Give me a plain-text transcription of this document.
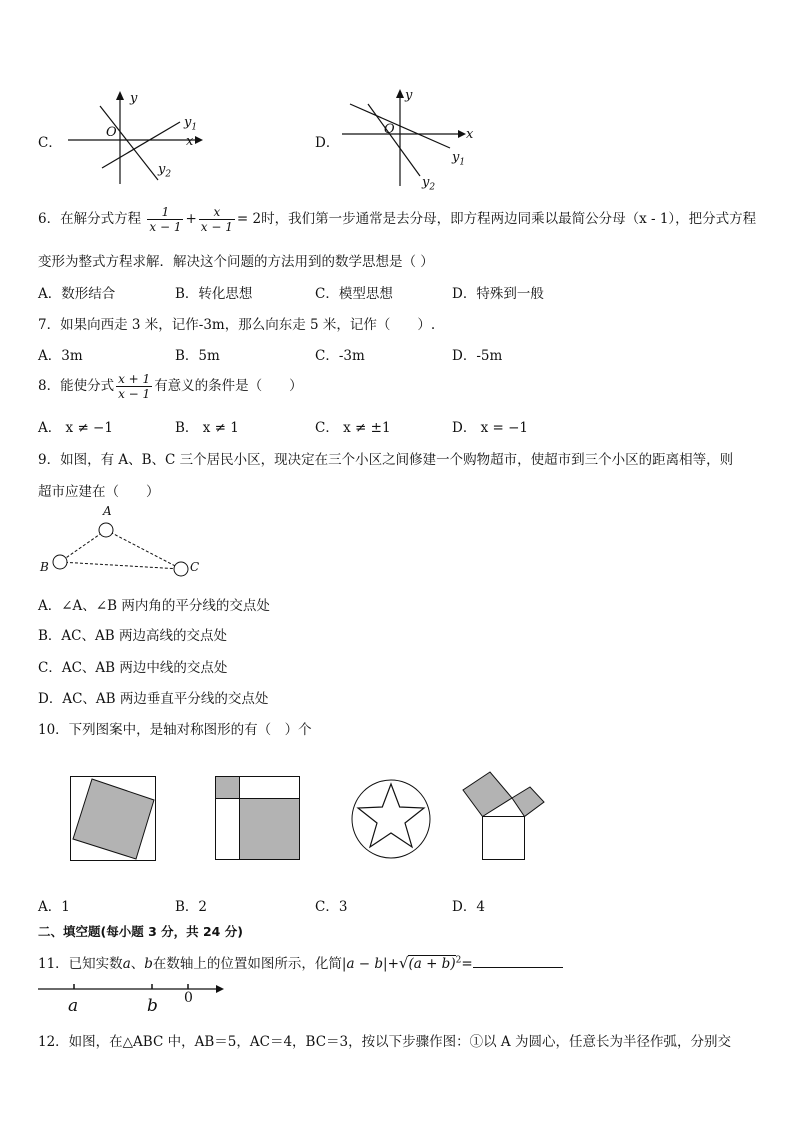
C．
y
O
x
$y_1$
$y_2$
D．
y
O	x
$y_1$
$y_2$
6．在解分式方程 $\frac{1}{x - 1} + \frac{x}{x - 1} = 2$时，我们第一步通常是去分母，即方程两边同乘以最简公分母（x - 1），把分式方程
变形为整式方程求解．解决这个问题的方法用到的数学思想是（ ）
A．数形结合	B．转化思想	C．模型思想	D．特殊到一般
7．如果向西走 3 米，记作-3m，那么向东走 5 米，记作（　　）.
A．3m	B．5m	C．-3m	D．-5m
8．能使分式 $\frac{x + 1}{x - 1}$ 有意义的条件是（　　）
A． x ≠ −1	B． x ≠ 1	C． x ≠ ±1	D． x = −1
9．如图，有 A、B、C 三个居民小区，现决定在三个小区之间修建一个购物超市，使超市到三个小区的距离相等，则
超市应建在（　　）
A
B	C
A．∠A、∠B 两内角的平分线的交点处
B．AC、AB 两边高线的交点处
C．AC、AB 两边中线的交点处
D．AC、AB 两边垂直平分线的交点处
10．下列图案中，是轴对称图形的有（　）个
A．1	B．2	C．3	D．4
二、填空题(每小题 3 分，共 24 分)
11．已知实数a、b在数轴上的位置如图所示，化简$|a - b|+√(a + b)^2=$
a	b 0
12．如图，在△ABC 中，AB＝5，AC＝4，BC＝3，按以下步骤作图：①以 A 为圆心，任意长为半径作弧，分别交
